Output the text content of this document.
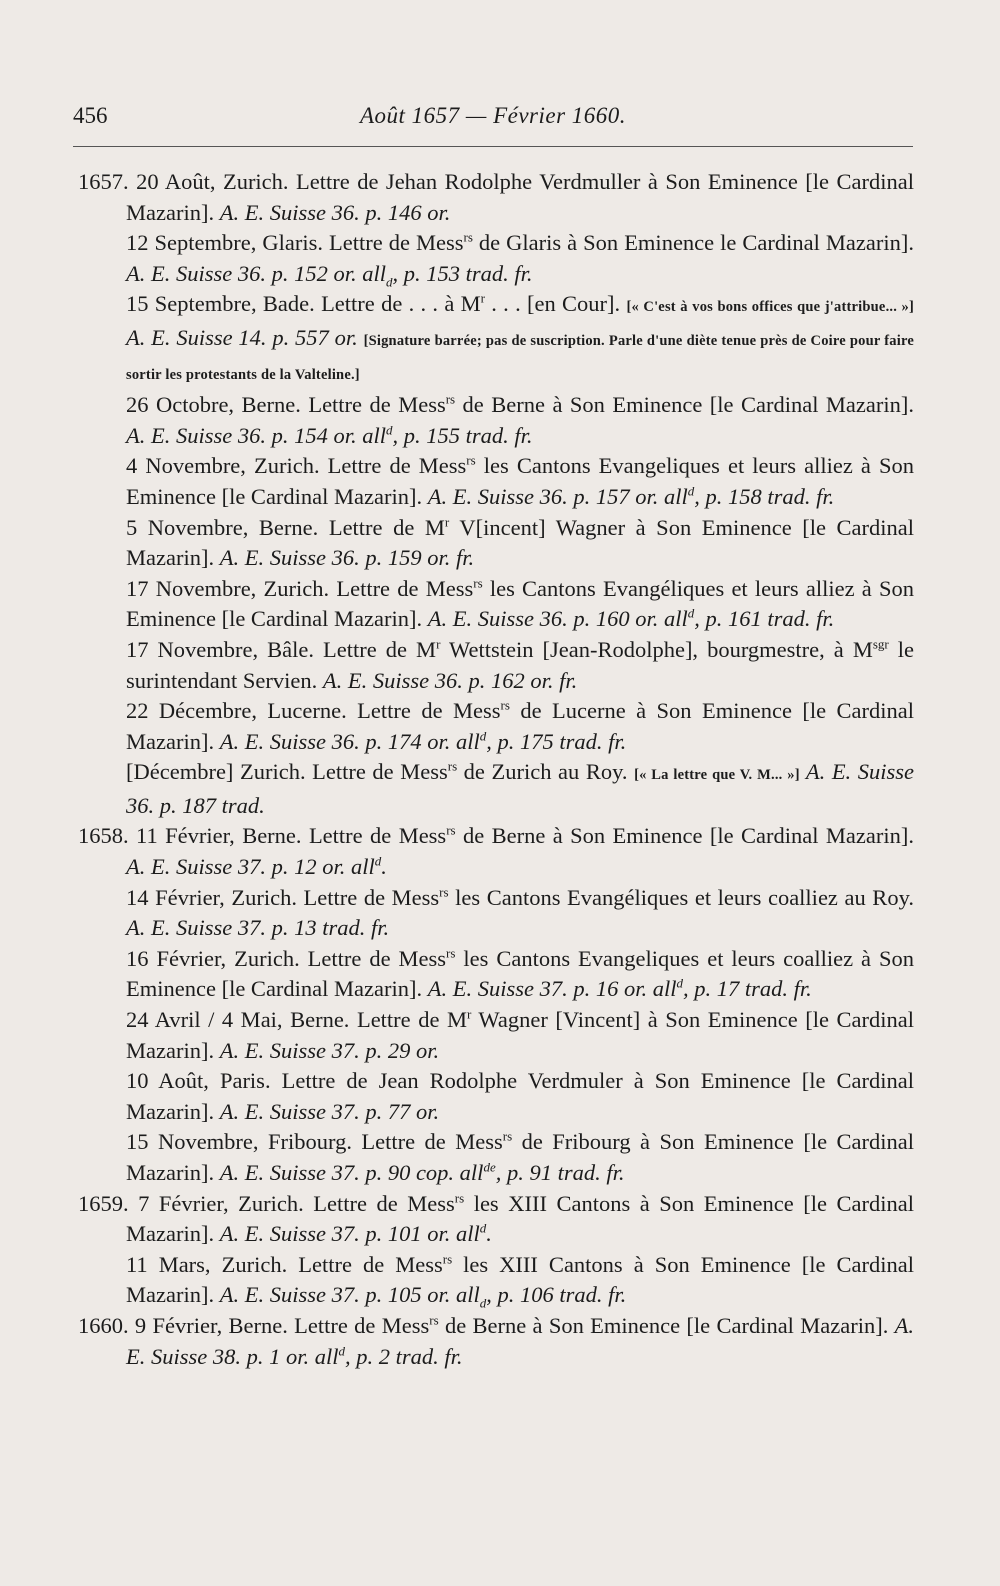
456	Août 1657 — Février 1660.

1657. 20 Août, Zurich. Lettre de Jehan Rodolphe Verdmuller à Son Eminence [le Cardinal Mazarin]. A. E. Suisse 36. p. 146 or.

12 Septembre, Glaris. Lettre de Mess$^{rs}$ de Glaris à Son Eminence le Cardinal Mazarin]. A. E. Suisse 36. p. 152 or. all$_d$, p. 153 trad. fr.

15 Septembre, Bade. Lettre de . . . à $M^r$ . . . [en Cour]. [« C'est à vos bons offices que j'attribue... »] A. E. Suisse 14. p. 557 or. [Signature barrée; pas de suscription. Parle d'une diète tenue près de Coire pour faire sortir les protestants de la Valteline.]

26 Octobre, Berne. Lettre de Mess$^{rs}$ de Berne à Son Eminence [le Cardinal Mazarin]. A. E. Suisse 36. p. 154 or. all$^d$, p. 155 trad. fr.

4 Novembre, Zurich. Lettre de Mess$^{rs}$ les Cantons Evangeliques et leurs alliez à Son Eminence [le Cardinal Mazarin]. A. E. Suisse 36. p. 157 or. all$^d$, p. 158 trad. fr.

5 Novembre, Berne. Lettre de $M^r$ V[incent] Wagner à Son Eminence [le Cardinal Mazarin]. A. E. Suisse 36. p. 159 or. fr.

17 Novembre, Zurich. Lettre de Mess$^{rs}$ les Cantons Evangéliques et leurs alliez à Son Eminence [le Cardinal Mazarin]. A. E. Suisse 36. p. 160 or. all$^d$, p. 161 trad. fr.

17 Novembre, Bâle. Lettre de $M^r$ Wettstein [Jean-Rodolphe], bourgmestre, à $M^{sgr}$ le surintendant Servien. A. E. Suisse 36. p. 162 or. fr.

22 Décembre, Lucerne. Lettre de Mess$^{rs}$ de Lucerne à Son Eminence [le Cardinal Mazarin]. A. E. Suisse 36. p. 174 or. all$^d$, p. 175 trad. fr.

[Décembre] Zurich. Lettre de Mess$^{rs}$ de Zurich au Roy. [« La lettre que V. M... »] A. E. Suisse 36. p. 187 trad.

1658. 11 Février, Berne. Lettre de Mess$^{rs}$ de Berne à Son Eminence [le Cardinal Mazarin]. A. E. Suisse 37. p. 12 or. all$^d$.

14 Février, Zurich. Lettre de Mess$^{rs}$ les Cantons Evangéliques et leurs coalliez au Roy. A. E. Suisse 37. p. 13 trad. fr.

16 Février, Zurich. Lettre de Mess$^{rs}$ les Cantons Evangeliques et leurs coalliez à Son Eminence [le Cardinal Mazarin]. A. E. Suisse 37. p. 16 or. all$^d$, p. 17 trad. fr.

24 Avril / 4 Mai, Berne. Lettre de $M^r$ Wagner [Vincent] à Son Eminence [le Cardinal Mazarin]. A. E. Suisse 37. p. 29 or.

10 Août, Paris. Lettre de Jean Rodolphe Verdmuler à Son Eminence [le Cardinal Mazarin]. A. E. Suisse 37. p. 77 or.

15 Novembre, Fribourg. Lettre de Mess$^{rs}$ de Fribourg à Son Eminence [le Cardinal Mazarin]. A. E. Suisse 37. p. 90 cop. all$^{de}$, p. 91 trad. fr.

1659. 7 Février, Zurich. Lettre de Mess$^{rs}$ les XIII Cantons à Son Eminence [le Cardinal Mazarin]. A. E. Suisse 37. p. 101 or. all$^d$.

11 Mars, Zurich. Lettre de Mess$^{rs}$ les XIII Cantons à Son Eminence [le Cardinal Mazarin]. A. E. Suisse 37. p. 105 or. all$_d$, p. 106 trad. fr.

1660. 9 Février, Berne. Lettre de Mess$^{rs}$ de Berne à Son Eminence [le Cardinal Mazarin]. A. E. Suisse 38. p. 1 or. all$^d$, p. 2 trad. fr.
